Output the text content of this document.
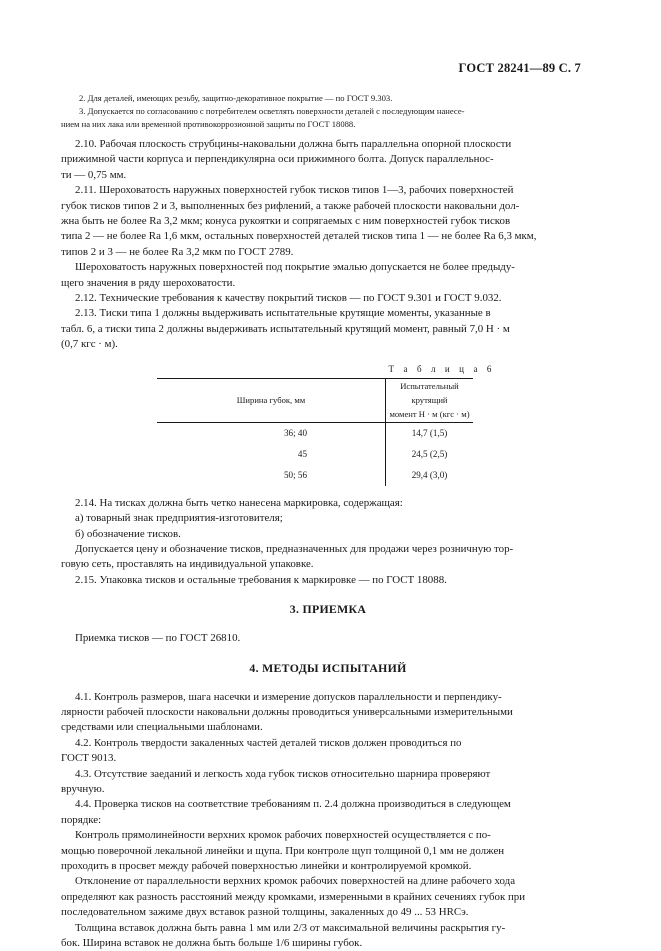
ГОСТ 28241—89 С. 7

2. Для деталей, имеющих резьбу, защитно-декоративное покрытие — по ГОСТ 9.303.

3. Допускается по согласованию с потребителем осветлять поверхности деталей с последующим нанесе-

нием на них лака или временной противокоррозионной защиты по ГОСТ 18088.

2.10. Рабочая плоскость струбцины-наковальни должна быть параллельна опорной плоскости

прижимной части корпуса и перпендикулярна оси прижимного болта. Допуск параллельнос-

ти — 0,75 мм.

2.11. Шероховатость наружных поверхностей губок тисков типов 1—3, рабочих поверхностей

губок тисков типов 2 и 3, выполненных без рифлений, а также рабочей плоскости наковальни дол-

жна быть не более Ra 3,2 мкм; конуса рукоятки и сопрягаемых с ним поверхностей губок тисков

типа 2 — не более Ra 1,6 мкм, остальных поверхностей деталей тисков типа 1 — не более Ra 6,3 мкм,

типов 2 и 3 — не более Ra 3,2 мкм по ГОСТ 2789.

Шероховатость наружных поверхностей под покрытие эмалью допускается не более предыду-

щего значения в ряду шероховатости.

2.12. Технические требования к качеству покрытий тисков — по ГОСТ 9.301 и ГОСТ 9.032.

2.13. Тиски типа 1 должны выдерживать испытательные крутящие моменты, указанные в

табл. 6, а тиски типа 2 должны выдерживать испытательный крутящий момент, равный 7,0 Н · м

(0,7 кгс · м).

Т а б л и ц а 6
Ширина губок, мм	Испытательный крутящий
момент Н · м (кгс · м)
36; 40	14,7 (1,5)
45	24,5 (2,5)
50; 56	29,4 (3,0)

2.14. На тисках должна быть четко нанесена маркировка, содержащая:

а) товарный знак предприятия-изготовителя;

б) обозначение тисков.

Допускается цену и обозначение тисков, предназначенных для продажи через розничную тор-

говую сеть, проставлять на индивидуальной упаковке.

2.15. Упаковка тисков и остальные требования к маркировке — по ГОСТ 18088.

3. ПРИЕМКА

Приемка тисков — по ГОСТ 26810.

4. МЕТОДЫ ИСПЫТАНИЙ

4.1. Контроль размеров, шага насечки и измерение допусков параллельности и перпендику-

лярности рабочей плоскости наковальни должны проводиться универсальными измерительными

средствами или специальными шаблонами.

4.2. Контроль твердости закаленных частей деталей тисков должен проводиться по

ГОСТ 9013.

4.3. Отсутствие заеданий и легкость хода губок тисков относительно шарнира проверяют

вручную.

4.4. Проверка тисков на соответствие требованиям п. 2.4 должна производиться в следующем

порядке:

Контроль прямолинейности верхних кромок рабочих поверхностей осуществляется с по-

мощью поверочной лекальной линейки и щупа. При контроле щуп толщиной 0,1 мм не должен

проходить в просвет между рабочей поверхностью линейки и контролируемой кромкой.

Отклонение от параллельности верхних кромок рабочих поверхностей на длине рабочего хода

определяют как разность расстояний между кромками, измеренными в крайних сечениях губок при

последовательном зажиме двух вставок разной толщины, закаленных до 49 ... 53 HRCэ.

Толщина вставок должна быть равна 1 мм или 2/3 от максимальной величины раскрытия гу-

бок. Ширина вставок не должна быть больше 1/6 ширины губок.
